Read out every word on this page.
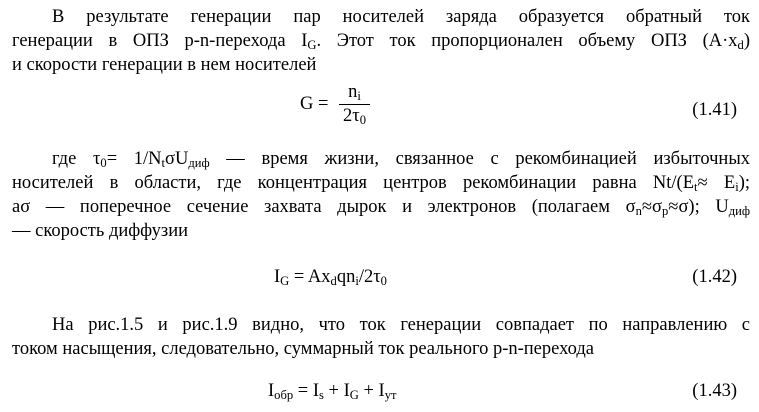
В результате генерации пар носителей заряда образуется обратный ток
генерации в ОПЗ p-n-перехода $I_G$. Этот ток пропорционален объему ОПЗ $(A\cdot x_d)$
и скорости генерации в нем носителей
$G = \frac{n_i}{2\tau_0}$	(1.41)
где $\tau_0= 1/N_t\sigma U_{диф}$ — время жизни, связанное с рекомбинацией избыточных
носителей в области, где концентрация центров рекомбинации равна $Nt/(E_t\approx E_i)$;
aσ — поперечное сечение захвата дырок и электронов (полагаем $\sigma_n\approx\sigma_p\approx\sigma$); $U_{диф}$
— скорость диффузии
$I_G = Ax_dqn_i/2\tau_0$	(1.42)
На рис.1.5 и рис.1.9 видно, что ток генерации совпадает по направлению с
током насыщения, следовательно, суммарный ток реального p-n-перехода
$I_{обр} = I_s + I_G + I_{ут}$	(1.43)
